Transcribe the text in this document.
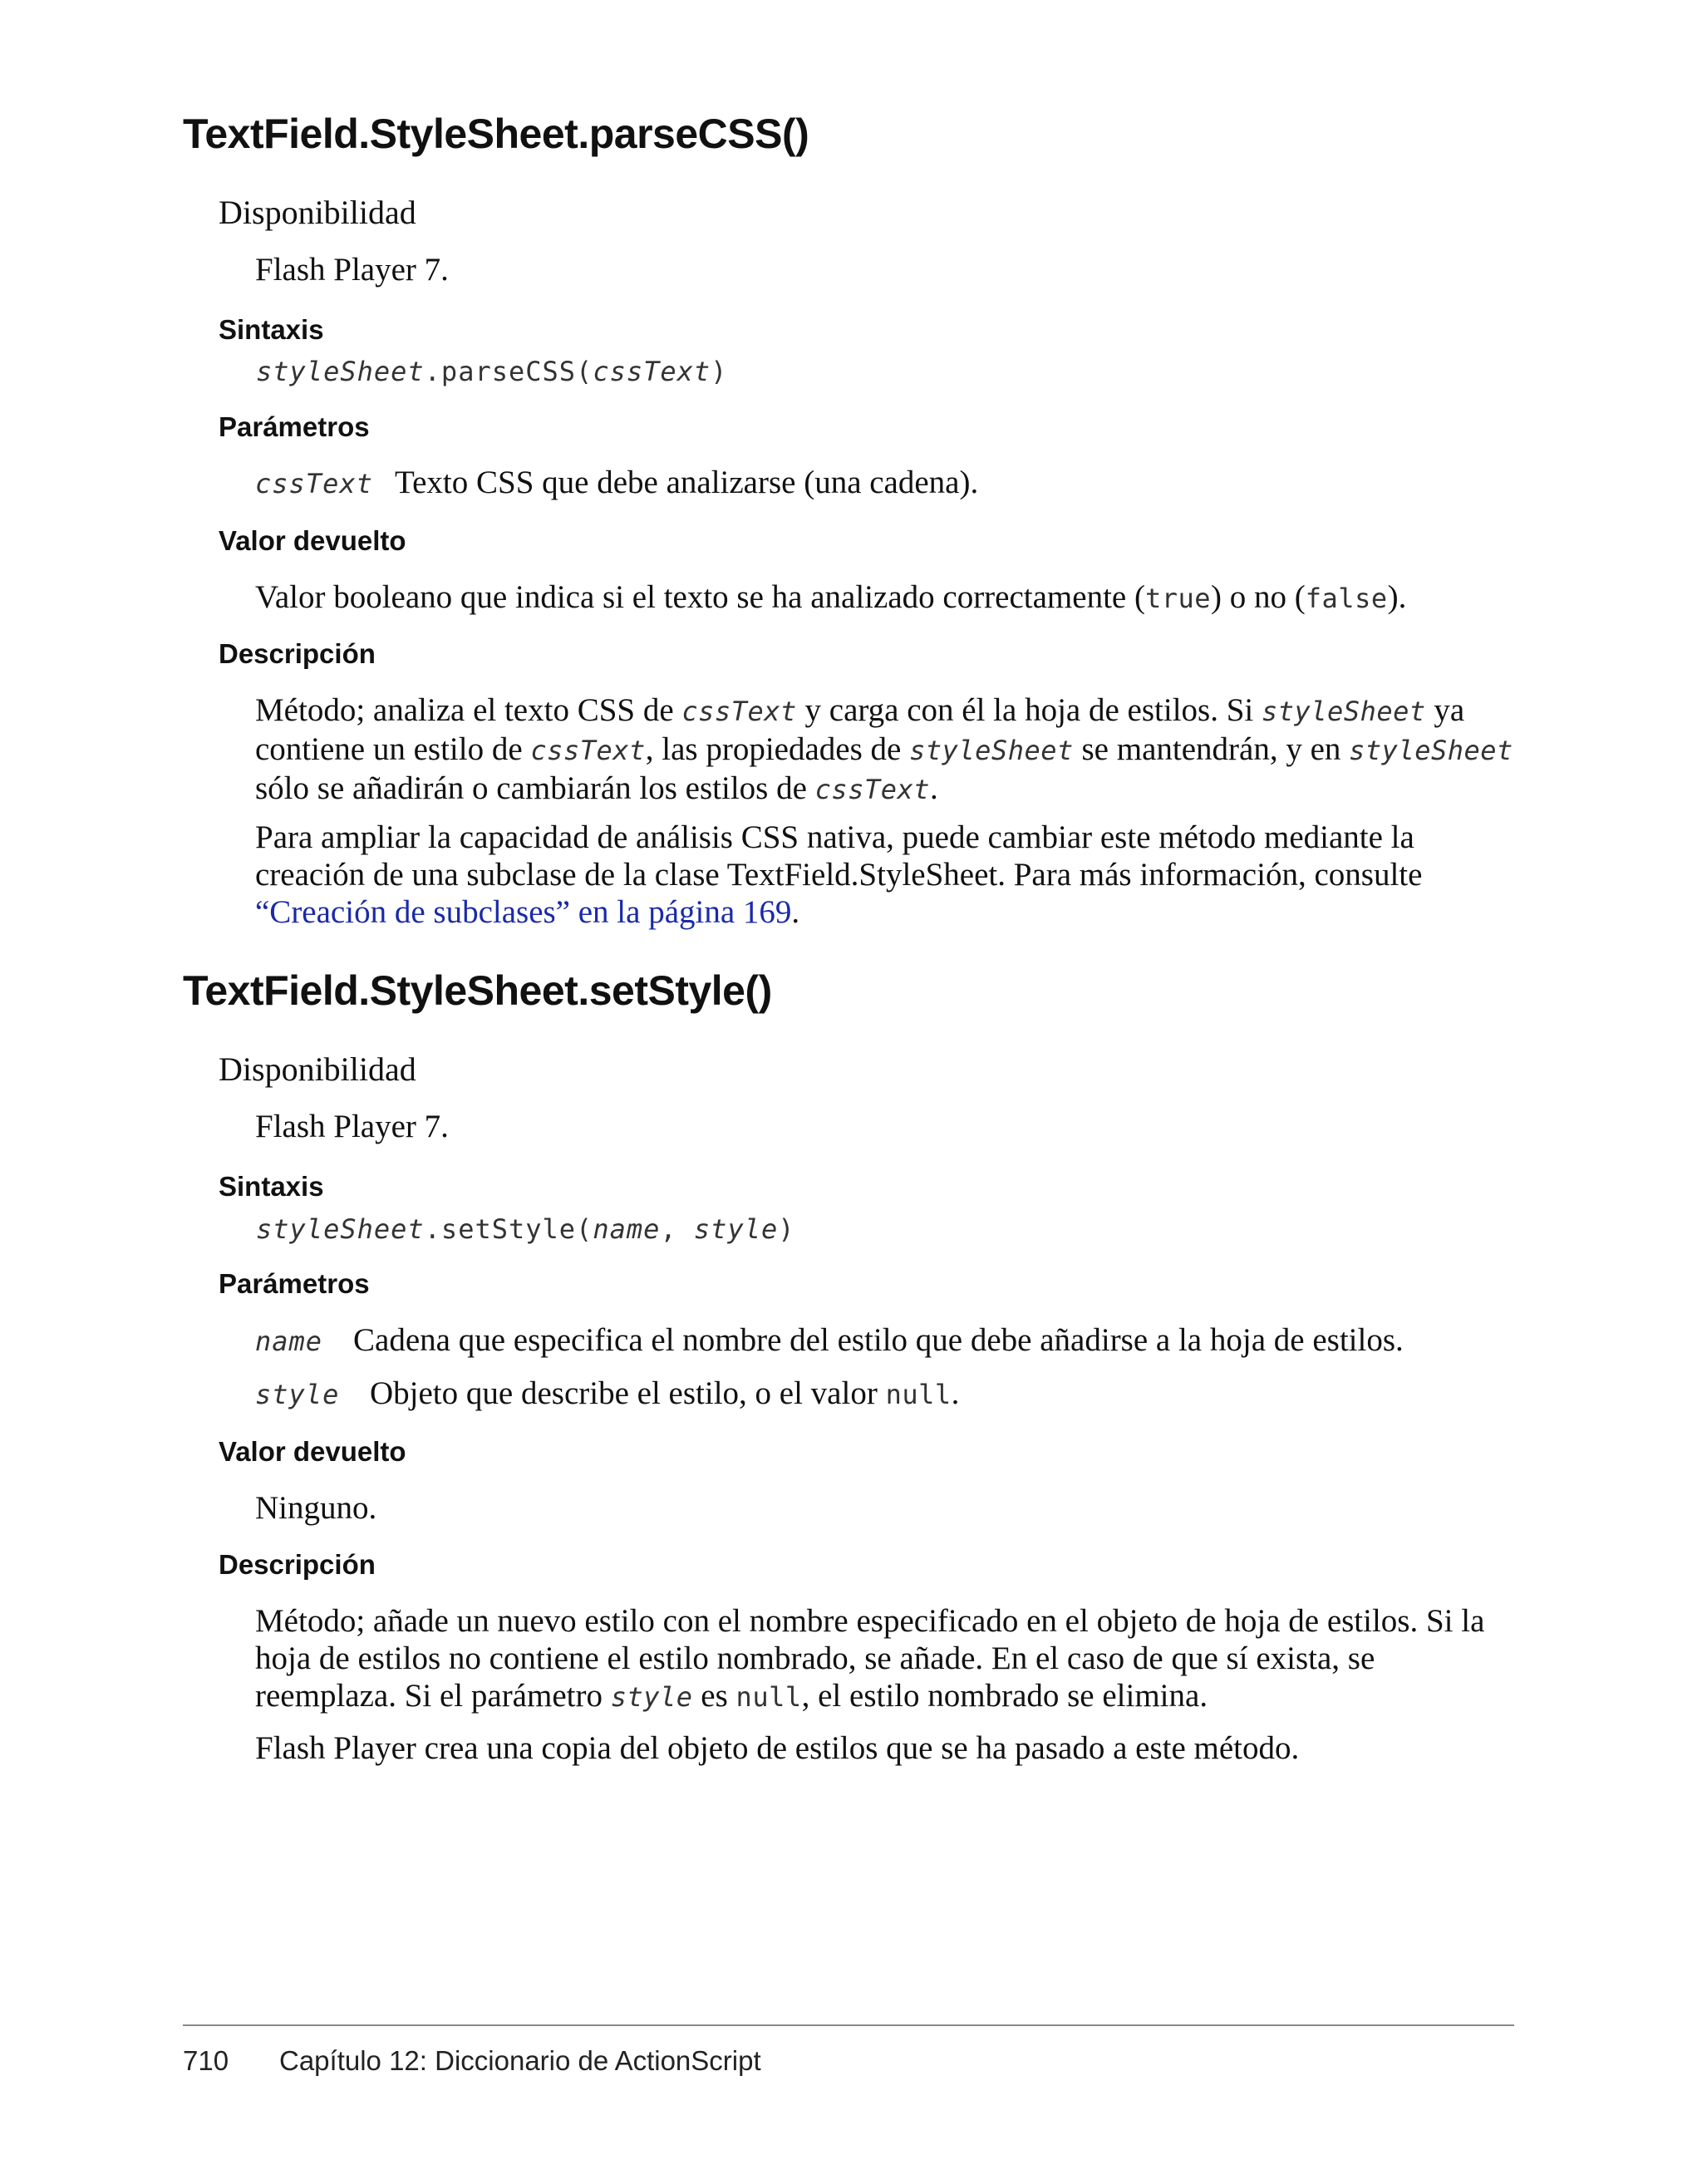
TextField.StyleSheet.parseCSS()

Disponibilidad

Flash Player 7.

Sintaxis

styleSheet.parseCSS(cssText)

Parámetros

cssText Texto CSS que debe analizarse (una cadena).

Valor devuelto

Valor booleano que indica si el texto se ha analizado correctamente (true) o no (false).

Descripción

Método; analiza el texto CSS de cssText y carga con él la hoja de estilos. Si styleSheet ya contiene un estilo de cssText, las propiedades de styleSheet se mantendrán, y en styleSheet sólo se añadirán o cambiarán los estilos de cssText.

Para ampliar la capacidad de análisis CSS nativa, puede cambiar este método mediante la creación de una subclase de la clase TextField.StyleSheet. Para más información, consulte “Creación de subclases” en la página 169.

TextField.StyleSheet.setStyle()

Disponibilidad

Flash Player 7.

Sintaxis

styleSheet.setStyle(name, style)

Parámetros

name Cadena que especifica el nombre del estilo que debe añadirse a la hoja de estilos.

style Objeto que describe el estilo, o el valor null.

Valor devuelto

Ninguno.

Descripción

Método; añade un nuevo estilo con el nombre especificado en el objeto de hoja de estilos. Si la hoja de estilos no contiene el estilo nombrado, se añade. En el caso de que sí exista, se reemplaza. Si el parámetro style es null, el estilo nombrado se elimina.

Flash Player crea una copia del objeto de estilos que se ha pasado a este método.

710 Capítulo 12: Diccionario de ActionScript
